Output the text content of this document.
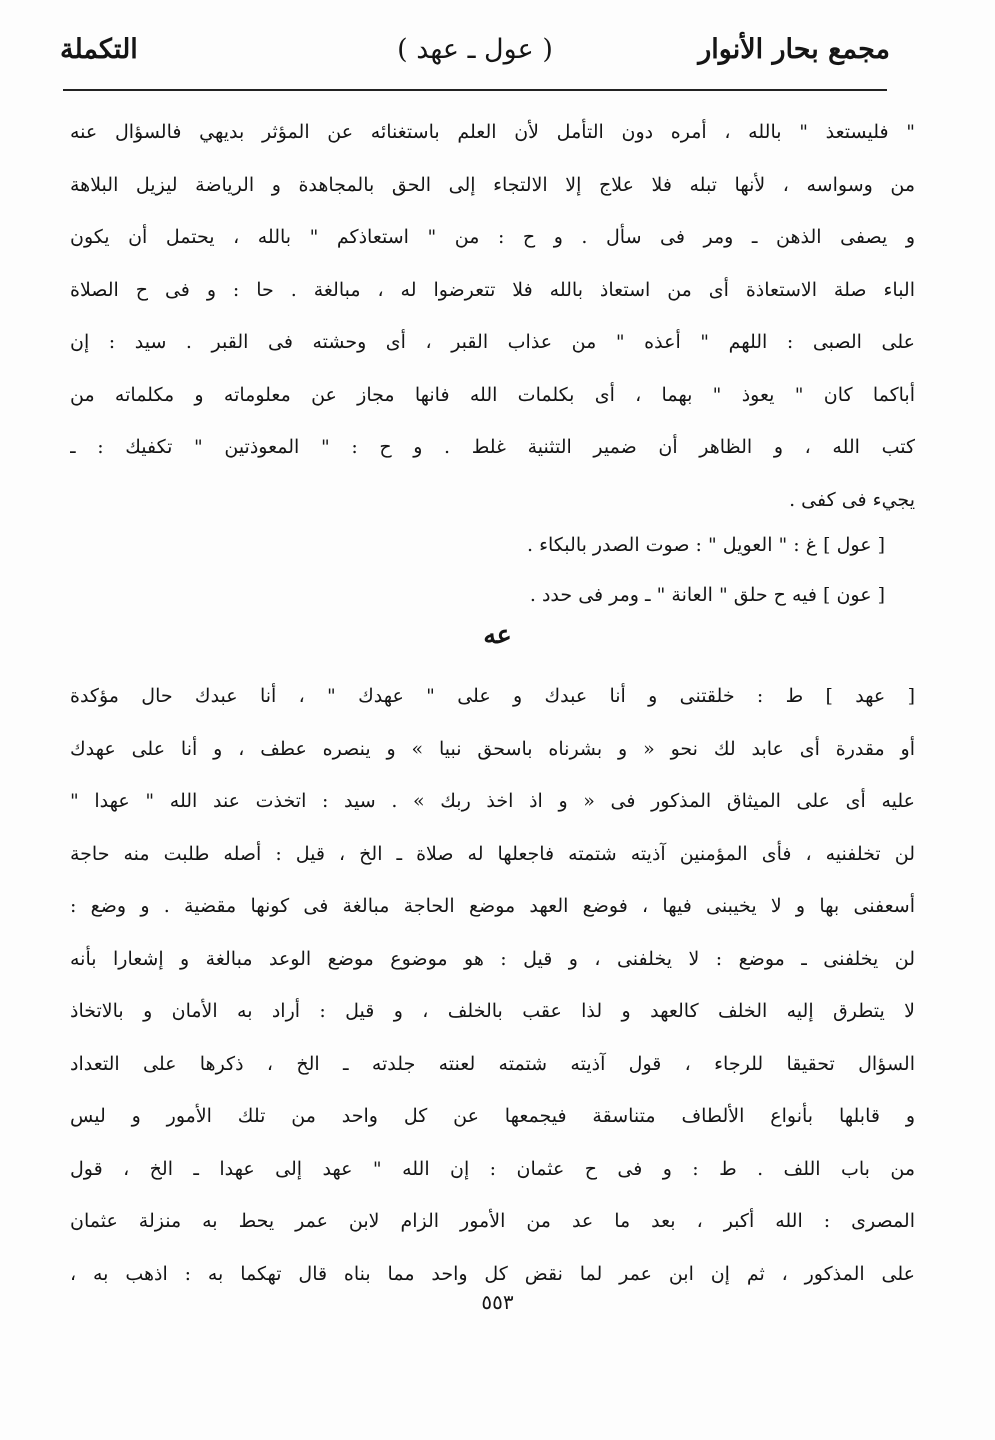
مجمع بحار الأنوار
( عول ـ عهد )
التكملة
" فليستعذ " بالله ، أمره دون التأمل لأن العلم باستغنائه عن المؤثر بديهي فالسؤال عنه
من وسواسه ، لأنها تبله فلا علاج إلا الالتجاء إلى الحق بالمجاهدة و الرياضة ليزيل البلاهة
و يصفى الذهن ـ ومر فى سأل . و ح : من " استعاذكم " بالله ، يحتمل أن يكون
الباء صلة الاستعاذة أى من استعاذ بالله فلا تتعرضوا له ، مبالغة . حا : و فى ح الصلاة
على الصبى : اللهم " أعذه " من عذاب القبر ، أى وحشته فى القبر . سيد : إن
أباكما كان " يعوذ " بهما ، أى بكلمات الله فانها مجاز عن معلوماته و مكلماته من
كتب الله ، و الظاهر أن ضمير التثنية غلط . و ح : " المعوذتين " تكفيك : ـ
يجيء فى كفى .
[ عول ] غ : " العويل " : صوت الصدر بالبكاء .
[ عون ] فيه ح حلق " العانة " ـ ومر فى حدد .
عه
[ عهد ] ط : خلقتنى و أنا عبدك و على " عهدك " ، أنا عبدك حال مؤكدة
أو مقدرة أى عابد لك نحو « و بشرناه باسحق نبيا » و ينصره عطف ، و أنا على عهدك
عليه أى على الميثاق المذكور فى « و اذ اخذ ربك » . سيد : اتخذت عند الله " عهدا "
لن تخلفنيه ، فأى المؤمنين آذيته شتمته فاجعلها له صلاة ـ الخ ، قيل : أصله طلبت منه حاجة
أسعفنى بها و لا يخيبنى فيها ، فوضع العهد موضع الحاجة مبالغة فى كونها مقضية . و وضع :
لن يخلفنى ـ موضع : لا يخلفنى ، و قيل : هو موضوع موضع الوعد مبالغة و إشعارا بأنه
لا يتطرق إليه الخلف كالعهد و لذا عقب بالخلف ، و قيل : أراد به الأمان و بالاتخاذ
السؤال تحقيقا للرجاء ، قول آذيته شتمته لعنته جلدته ـ الخ ، ذكرها على التعداد
و قابلها بأنواع الألطاف متناسقة فيجمعها عن كل واحد من تلك الأمور و ليس
من باب اللف . ط : و فى ح عثمان : إن الله " عهد إلى عهدا ـ الخ ، قول
المصرى : الله أكبر ، بعد ما عد من الأمور الزام لابن عمر يحط به منزلة عثمان
على المذكور ، ثم إن ابن عمر لما نقض كل واحد مما بناه قال تهكما به : اذهب به ،
٥٥٣
